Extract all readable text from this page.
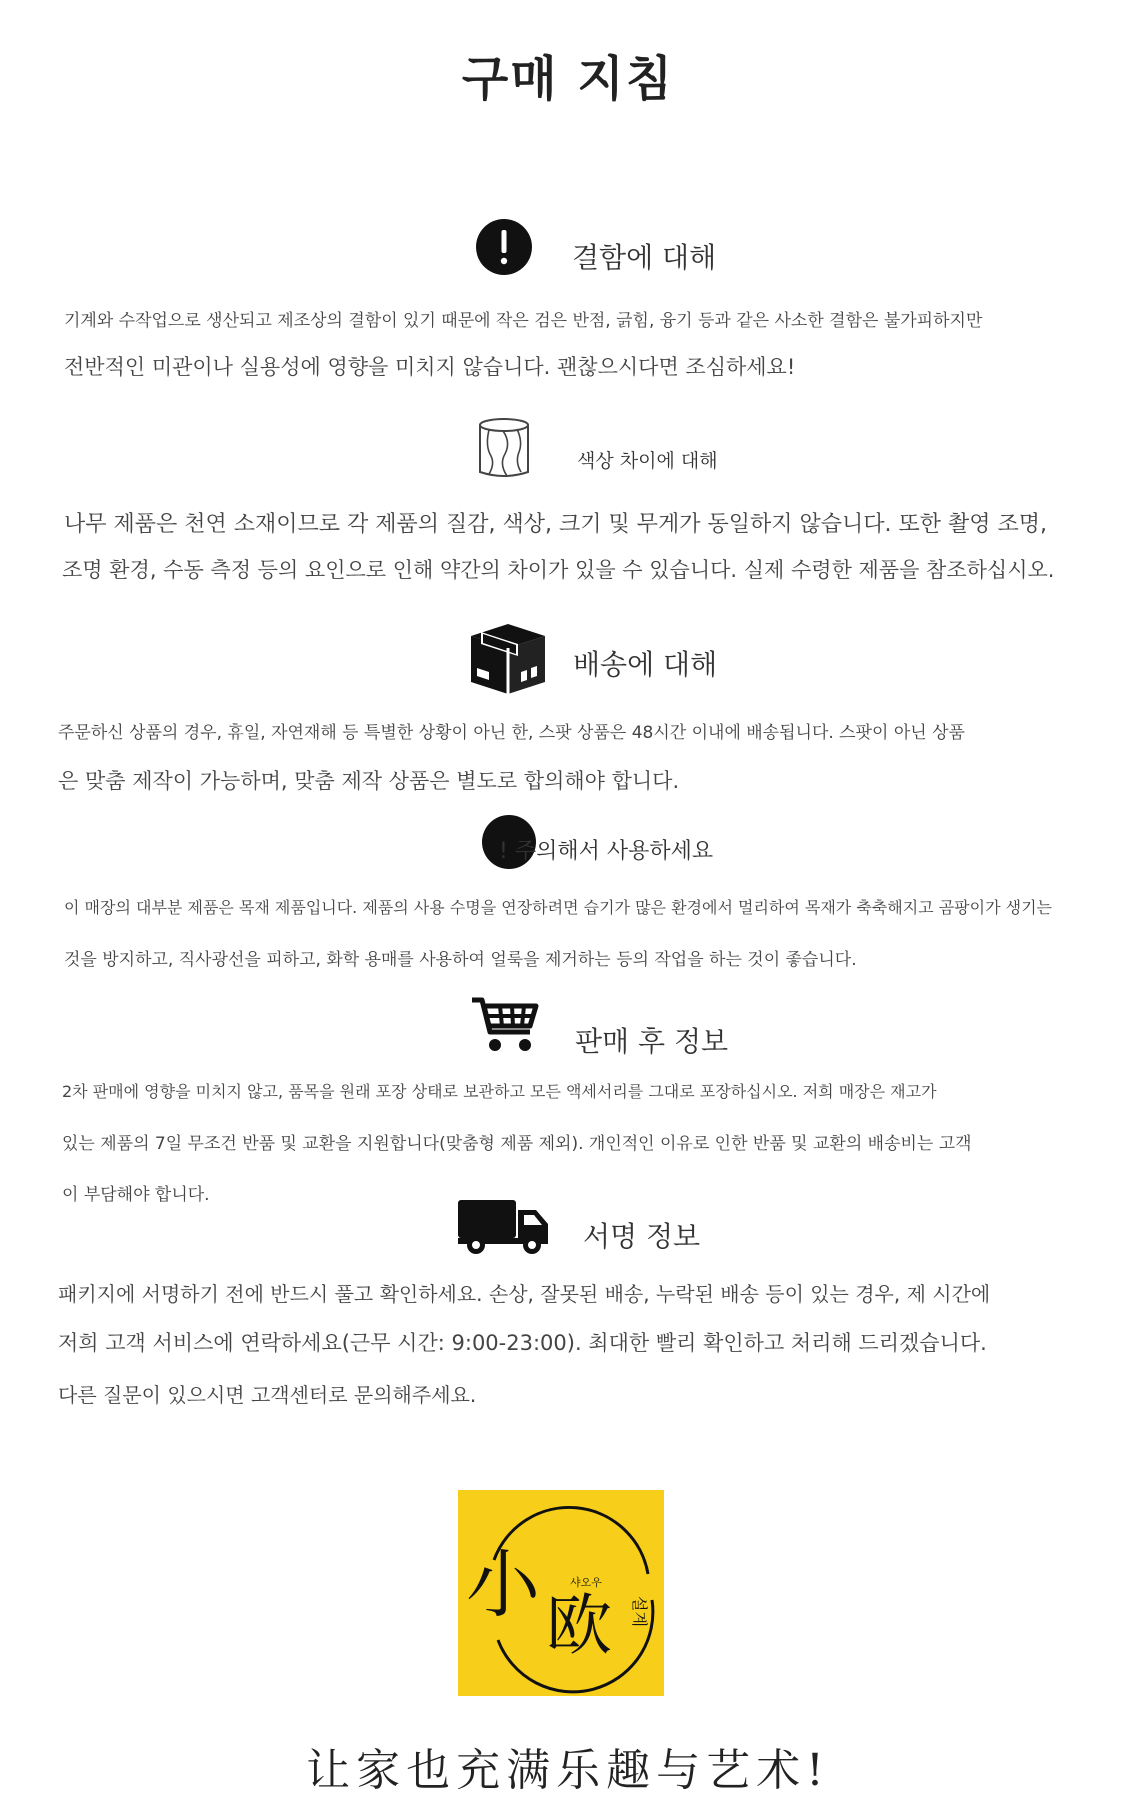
구매 지침
결함에 대해
기계와 수작업으로 생산되고 제조상의 결함이 있기 때문에 작은 검은 반점, 긁힘, 융기 등과 같은 사소한 결함은 불가피하지만
전반적인 미관이나 실용성에 영향을 미치지 않습니다. 괜찮으시다면 조심하세요!
색상 차이에 대해
나무 제품은 천연 소재이므로 각 제품의 질감, 색상, 크기 및 무게가 동일하지 않습니다. 또한 촬영 조명,
조명 환경, 수동 측정 등의 요인으로 인해 약간의 차이가 있을 수 있습니다. 실제 수령한 제품을 참조하십시오.
배송에 대해
주문하신 상품의 경우, 휴일, 자연재해 등 특별한 상황이 아닌 한, 스팟 상품은 48시간 이내에 배송됩니다. 스팟이 아닌 상품
은 맞춤 제작이 가능하며, 맞춤 제작 상품은 별도로 합의해야 합니다.
! 주의해서 사용하세요
이 매장의 대부분 제품은 목재 제품입니다. 제품의 사용 수명을 연장하려면 습기가 많은 환경에서 멀리하여 목재가 축축해지고 곰팡이가 생기는
것을 방지하고, 직사광선을 피하고, 화학 용매를 사용하여 얼룩을 제거하는 등의 작업을 하는 것이 좋습니다.
판매 후 정보
2차 판매에 영향을 미치지 않고, 품목을 원래 포장 상태로 보관하고 모든 액세서리를 그대로 포장하십시오. 저희 매장은 재고가
있는 제품의 7일 무조건 반품 및 교환을 지원합니다(맞춤형 제품 제외). 개인적인 이유로 인한 반품 및 교환의 배송비는 고객
이 부담해야 합니다.
서명 정보
패키지에 서명하기 전에 반드시 풀고 확인하세요. 손상, 잘못된 배송, 누락된 배송 등이 있는 경우, 제 시간에
저희 고객 서비스에 연락하세요(근무 시간: 9:00-23:00). 최대한 빨리 확인하고 처리해 드리겠습니다.
다른 질문이 있으시면 고객센터로 문의해주세요.
小 欧
샤오우
설계
让家也充满乐趣与艺术!
